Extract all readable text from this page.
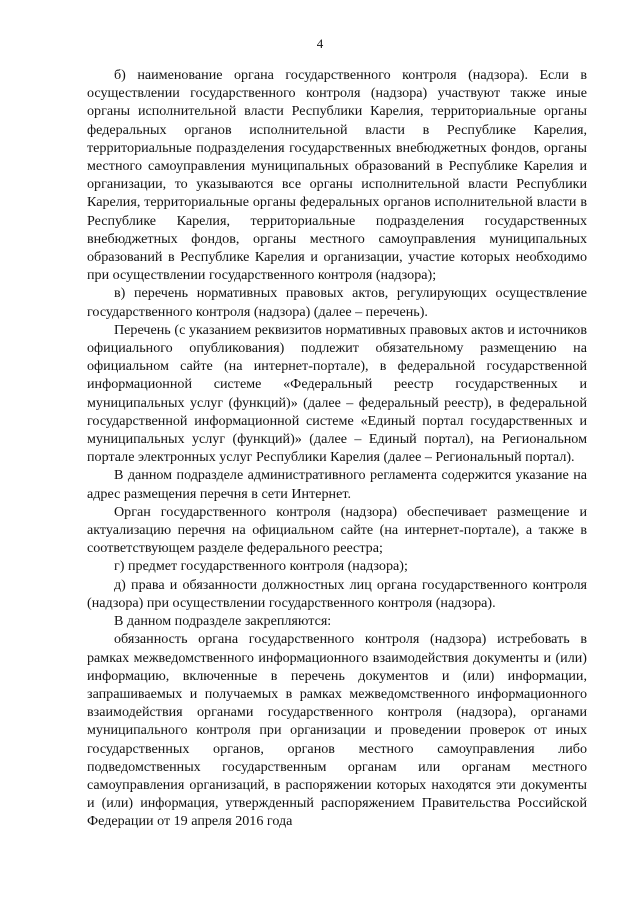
4

б) наименование органа государственного контроля (надзора). Если в осуществлении государственного контроля (надзора) участвуют также иные органы исполнительной власти Республики Карелия, территориальные органы федеральных органов исполнительной власти в Республике Карелия, территориальные подразделения государственных внебюджетных фондов, органы местного самоуправления муниципальных образований в Республике Карелия и организации, то указываются все органы исполнительной власти Республики Карелия, территориальные органы федеральных органов исполнительной власти в Республике Карелия, территориальные подразделения государственных внебюджетных фондов, органы местного самоуправления муниципальных образований в Республике Карелия и организации, участие которых необходимо при осуществлении государственного контроля (надзора);

в) перечень нормативных правовых актов, регулирующих осуществление государственного контроля (надзора) (далее – перечень).

Перечень (с указанием реквизитов нормативных правовых актов и источников официального опубликования) подлежит обязательному размещению на официальном сайте (на интернет-портале), в федеральной государственной информационной системе «Федеральный реестр государственных и муниципальных услуг (функций)» (далее – федеральный реестр), в федеральной государственной информационной системе «Единый портал государственных и муниципальных услуг (функций)» (далее – Единый портал), на Региональном портале электронных услуг Республики Карелия (далее – Региональный портал).

В данном подразделе административного регламента содержится указание на адрес размещения перечня в сети Интернет.

Орган государственного контроля (надзора) обеспечивает размещение и актуализацию перечня на официальном сайте (на интернет-портале), а также в соответствующем разделе федерального реестра;

г) предмет государственного контроля (надзора);

д) права и обязанности должностных лиц органа государственного контроля (надзора) при осуществлении государственного контроля (надзора).

В данном подразделе закрепляются:

обязанность органа государственного контроля (надзора) истребовать в рамках межведомственного информационного взаимодействия документы и (или) информацию, включенные в перечень документов и (или) информации, запрашиваемых и получаемых в рамках межведомственного информационного взаимодействия органами государственного контроля (надзора), органами муниципального контроля при организации и проведении проверок от иных государственных органов, органов местного самоуправления либо подведомственных государственным органам или органам местного самоуправления организаций, в распоряжении которых находятся эти документы и (или) информация, утвержденный распоряжением Правительства Российской Федерации от 19 апреля 2016 года
